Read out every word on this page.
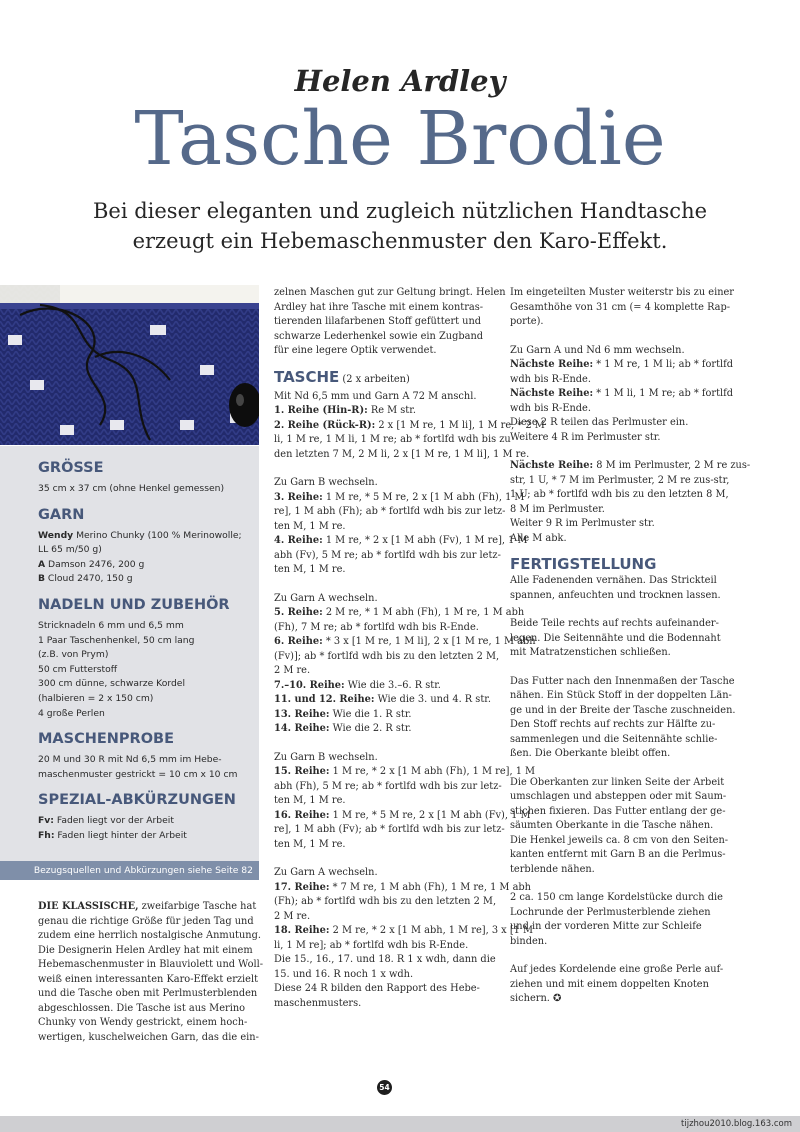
Helen Ardley
Tasche Brodie
Bei dieser eleganten und zugleich nützlichen Handtasche
erzeugt ein Hebemaschenmuster den Karo-Effekt.
GRÖSSE
35 cm x 37 cm (ohne Henkel gemessen)
GARN
Wendy Merino Chunky (100 % Merinowolle;
LL 65 m/50 g)
A Damson 2476, 200 g
B Cloud 2470, 150 g
NADELN UND ZUBEHÖR
Stricknadeln 6 mm und 6,5 mm
1 Paar Taschenhenkel, 50 cm lang
(z.B. von Prym)
50 cm Futterstoff
300 cm dünne, schwarze Kordel
(halbieren = 2 x 150 cm)
4 große Perlen
MASCHENPROBE
20 M und 30 R mit Nd 6,5 mm im Hebe-
maschenmuster gestrickt = 10 cm x 10 cm
SPEZIAL-ABKÜRZUNGEN
Fv: Faden liegt vor der Arbeit
Fh: Faden liegt hinter der Arbeit
Bezugsquellen und Abkürzungen siehe Seite 82
DIE KLASSISCHE, zweifarbige Tasche hat
genau die richtige Größe für jeden Tag und
zudem eine herrlich nostalgische Anmutung.
Die Designerin Helen Ardley hat mit einem
Hebemaschenmuster in Blauviolett und Woll-
weiß einen interessanten Karo-Effekt erzielt
und die Tasche oben mit Perlmusterblenden
abgeschlossen. Die Tasche ist aus Merino
Chunky von Wendy gestrickt, einem hoch-
wertigen, kuschelweichen Garn, das die ein-

zelnen Maschen gut zur Geltung bringt. Helen
Ardley hat ihre Tasche mit einem kontras-
tierenden lilafarbenen Stoff gefüttert und
schwarze Lederhenkel sowie ein Zugband
für eine legere Optik verwendet.

TASCHE (2 x arbeiten)

Mit Nd 6,5 mm und Garn A 72 M anschl.
1. Reihe (Hin-R): Re M str.
2. Reihe (Rück-R): 2 x [1 M re, 1 M li], 1 M re, * 2 M
li, 1 M re, 1 M li, 1 M re; ab * fortlfd wdh bis zu
den letzten 7 M, 2 M li, 2 x [1 M re, 1 M li], 1 M re.

Zu Garn B wechseln.
3. Reihe: 1 M re, * 5 M re, 2 x [1 M abh (Fh), 1 M
re], 1 M abh (Fh); ab * fortlfd wdh bis zur letz-
ten M, 1 M re.
4. Reihe: 1 M re, * 2 x [1 M abh (Fv), 1 M re], 1 M
abh (Fv), 5 M re; ab * fortlfd wdh bis zur letz-
ten M, 1 M re.

Zu Garn A wechseln.
5. Reihe: 2 M re, * 1 M abh (Fh), 1 M re, 1 M abh
(Fh), 7 M re; ab * fortlfd wdh bis R-Ende.
6. Reihe: * 3 x [1 M re, 1 M li], 2 x [1 M re, 1 M abh
(Fv)]; ab * fortlfd wdh bis zu den letzten 2 M,
2 M re.
7.–10. Reihe: Wie die 3.–6. R str.
11. und 12. Reihe: Wie die 3. und 4. R str.
13. Reihe: Wie die 1. R str.
14. Reihe: Wie die 2. R str.

Zu Garn B wechseln.
15. Reihe: 1 M re, * 2 x [1 M abh (Fh), 1 M re], 1 M
abh (Fh), 5 M re; ab * fortlfd wdh bis zur letz-
ten M, 1 M re.
16. Reihe: 1 M re, * 5 M re, 2 x [1 M abh (Fv), 1 M
re], 1 M abh (Fv); ab * fortlfd wdh bis zur letz-
ten M, 1 M re.

Zu Garn A wechseln.
17. Reihe: * 7 M re, 1 M abh (Fh), 1 M re, 1 M abh
(Fh); ab * fortlfd wdh bis zu den letzten 2 M,
2 M re.
18. Reihe: 2 M re, * 2 x [1 M abh, 1 M re], 3 x [1 M
li, 1 M re]; ab * fortlfd wdh bis R-Ende.
Die 15., 16., 17. und 18. R 1 x wdh, dann die
15. und 16. R noch 1 x wdh.
Diese 24 R bilden den Rapport des Hebe-
maschenmusters.

Im eingeteilten Muster weiterstr bis zu einer
Gesamthöhe von 31 cm (= 4 komplette Rap-
porte).

Zu Garn A und Nd 6 mm wechseln.
Nächste Reihe: * 1 M re, 1 M li; ab * fortlfd
wdh bis R-Ende.
Nächste Reihe: * 1 M li, 1 M re; ab * fortlfd
wdh bis R-Ende.
Diese 2 R teilen das Perlmuster ein.
Weitere 4 R im Perlmuster str.

Nächste Reihe: 8 M im Perlmuster, 2 M re zus-
str, 1 U, * 7 M im Perlmuster, 2 M re zus-str,
1 U; ab * fortlfd wdh bis zu den letzten 8 M,
8 M im Perlmuster.
Weiter 9 R im Perlmuster str.
Alle M abk.

FERTIGSTELLUNG

Alle Fadenenden vernähen. Das Strickteil
spannen, anfeuchten und trocknen lassen.

Beide Teile rechts auf rechts aufeinander-
legen. Die Seitennähte und die Bodennaht
mit Matratzenstichen schließen.

Das Futter nach den Innenmaßen der Tasche
nähen. Ein Stück Stoff in der doppelten Län-
ge und in der Breite der Tasche zuschneiden.
Den Stoff rechts auf rechts zur Hälfte zu-
sammenlegen und die Seitennähte schlie-
ßen. Die Oberkante bleibt offen.

Die Oberkanten zur linken Seite der Arbeit
umschlagen und absteppen oder mit Saum-
stichen fixieren. Das Futter entlang der ge-
säumten Oberkante in die Tasche nähen.
Die Henkel jeweils ca. 8 cm von den Seiten-
kanten entfernt mit Garn B an die Perlmus-
terblende nähen.

2 ca. 150 cm lange Kordelstücke durch die
Lochrunde der Perlmusterblende ziehen
und in der vorderen Mitte zur Schleife
binden.

Auf jedes Kordelende eine große Perle auf-
ziehen und mit einem doppelten Knoten
sichern. ✪

54
tijzhou2010.blog.163.com
